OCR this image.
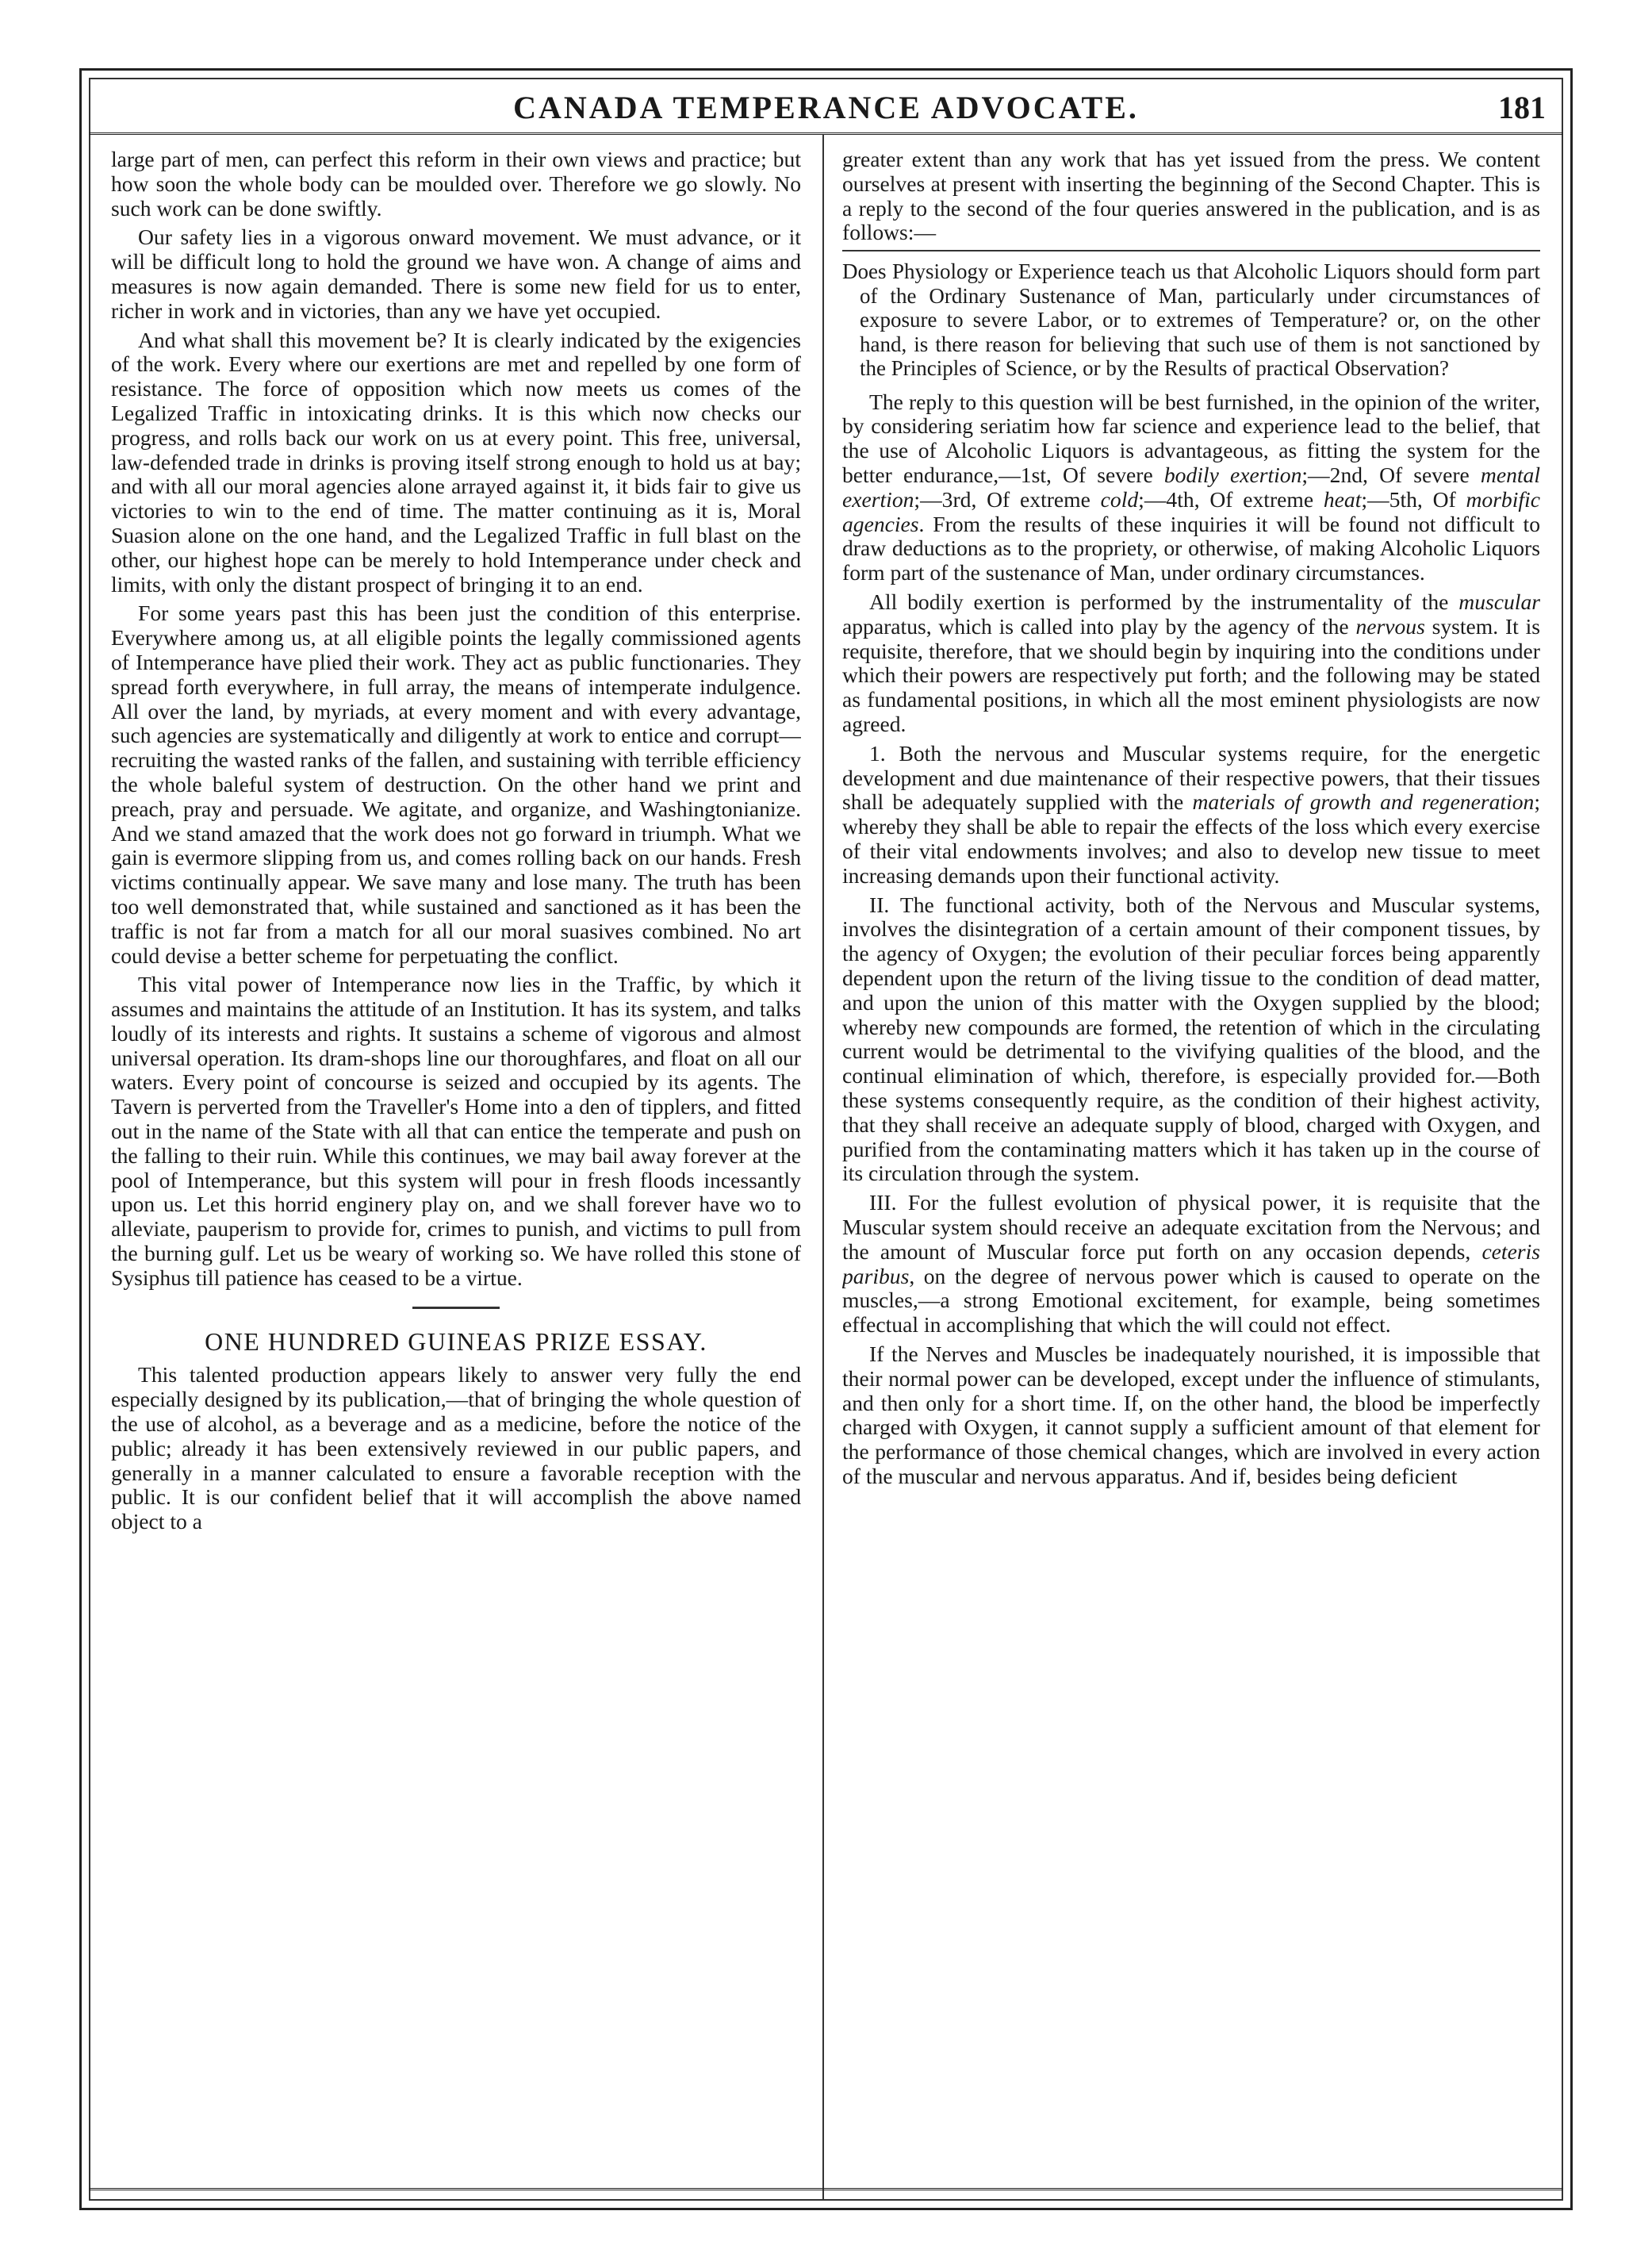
CANADA TEMPERANCE ADVOCATE.	181

large part of men, can perfect this reform in their own views and practice; but how soon the whole body can be moulded over. Therefore we go slowly. No such work can be done swiftly.

Our safety lies in a vigorous onward movement. We must advance, or it will be difficult long to hold the ground we have won. A change of aims and measures is now again demanded. There is some new field for us to enter, richer in work and in victories, than any we have yet occupied.

And what shall this movement be? It is clearly indicated by the exigencies of the work. Every where our exertions are met and repelled by one form of resistance. The force of opposition which now meets us comes of the Legalized Traffic in intoxicating drinks. It is this which now checks our progress, and rolls back our work on us at every point. This free, universal, law-defended trade in drinks is proving itself strong enough to hold us at bay; and with all our moral agencies alone arrayed against it, it bids fair to give us victories to win to the end of time. The matter continuing as it is, Moral Suasion alone on the one hand, and the Legalized Traffic in full blast on the other, our highest hope can be merely to hold Intemperance under check and limits, with only the distant prospect of bringing it to an end.

For some years past this has been just the condition of this enterprise. Everywhere among us, at all eligible points the legally commissioned agents of Intemperance have plied their work. They act as public functionaries. They spread forth everywhere, in full array, the means of intemperate indulgence. All over the land, by myriads, at every moment and with every advantage, such agencies are systematically and diligently at work to entice and corrupt—recruiting the wasted ranks of the fallen, and sustaining with terrible efficiency the whole baleful system of destruction. On the other hand we print and preach, pray and persuade. We agitate, and organize, and Washingtonianize. And we stand amazed that the work does not go forward in triumph. What we gain is evermore slipping from us, and comes rolling back on our hands. Fresh victims continually appear. We save many and lose many. The truth has been too well demonstrated that, while sustained and sanctioned as it has been the traffic is not far from a match for all our moral suasives combined. No art could devise a better scheme for perpetuating the conflict.

This vital power of Intemperance now lies in the Traffic, by which it assumes and maintains the attitude of an Institution. It has its system, and talks loudly of its interests and rights. It sustains a scheme of vigorous and almost universal operation. Its dram-shops line our thoroughfares, and float on all our waters. Every point of concourse is seized and occupied by its agents. The Tavern is perverted from the Traveller's Home into a den of tipplers, and fitted out in the name of the State with all that can entice the temperate and push on the falling to their ruin. While this continues, we may bail away forever at the pool of Intemperance, but this system will pour in fresh floods incessantly upon us. Let this horrid enginery play on, and we shall forever have wo to alleviate, pauperism to provide for, crimes to punish, and victims to pull from the burning gulf. Let us be weary of working so. We have rolled this stone of Sysiphus till patience has ceased to be a virtue.

ONE HUNDRED GUINEAS PRIZE ESSAY.

This talented production appears likely to answer very fully the end especially designed by its publication,—that of bringing the whole question of the use of alcohol, as a beverage and as a medicine, before the notice of the public; already it has been extensively reviewed in our public papers, and generally in a manner calculated to ensure a favorable reception with the public. It is our confident belief that it will accomplish the above named object to a

greater extent than any work that has yet issued from the press. We content ourselves at present with inserting the beginning of the Second Chapter. This is a reply to the second of the four queries answered in the publication, and is as follows:—

Does Physiology or Experience teach us that Alcoholic Liquors should form part of the Ordinary Sustenance of Man, particularly under circumstances of exposure to severe Labor, or to extremes of Temperature? or, on the other hand, is there reason for believing that such use of them is not sanctioned by the Principles of Science, or by the Results of practical Observation?

The reply to this question will be best furnished, in the opinion of the writer, by considering seriatim how far science and experience lead to the belief, that the use of Alcoholic Liquors is advantageous, as fitting the system for the better endurance,—1st, Of severe bodily exertion;—2nd, Of severe mental exertion;—3rd, Of extreme cold;—4th, Of extreme heat;—5th, Of morbific agencies. From the results of these inquiries it will be found not difficult to draw deductions as to the propriety, or otherwise, of making Alcoholic Liquors form part of the sustenance of Man, under ordinary circumstances.

All bodily exertion is performed by the instrumentality of the muscular apparatus, which is called into play by the agency of the nervous system. It is requisite, therefore, that we should begin by inquiring into the conditions under which their powers are respectively put forth; and the following may be stated as fundamental positions, in which all the most eminent physiologists are now agreed.

1. Both the nervous and Muscular systems require, for the energetic development and due maintenance of their respective powers, that their tissues shall be adequately supplied with the materials of growth and regeneration; whereby they shall be able to repair the effects of the loss which every exercise of their vital endowments involves; and also to develop new tissue to meet increasing demands upon their functional activity.

II. The functional activity, both of the Nervous and Muscular systems, involves the disintegration of a certain amount of their component tissues, by the agency of Oxygen; the evolution of their peculiar forces being apparently dependent upon the return of the living tissue to the condition of dead matter, and upon the union of this matter with the Oxygen supplied by the blood; whereby new compounds are formed, the retention of which in the circulating current would be detrimental to the vivifying qualities of the blood, and the continual elimination of which, therefore, is especially provided for.—Both these systems consequently require, as the condition of their highest activity, that they shall receive an adequate supply of blood, charged with Oxygen, and purified from the contaminating matters which it has taken up in the course of its circulation through the system.

III. For the fullest evolution of physical power, it is requisite that the Muscular system should receive an adequate excitation from the Nervous; and the amount of Muscular force put forth on any occasion depends, ceteris paribus, on the degree of nervous power which is caused to operate on the muscles,—a strong Emotional excitement, for example, being sometimes effectual in accomplishing that which the will could not effect.

If the Nerves and Muscles be inadequately nourished, it is impossible that their normal power can be developed, except under the influence of stimulants, and then only for a short time. If, on the other hand, the blood be imperfectly charged with Oxygen, it cannot supply a sufficient amount of that element for the performance of those chemical changes, which are involved in every action of the muscular and nervous apparatus. And if, besides being deficient
